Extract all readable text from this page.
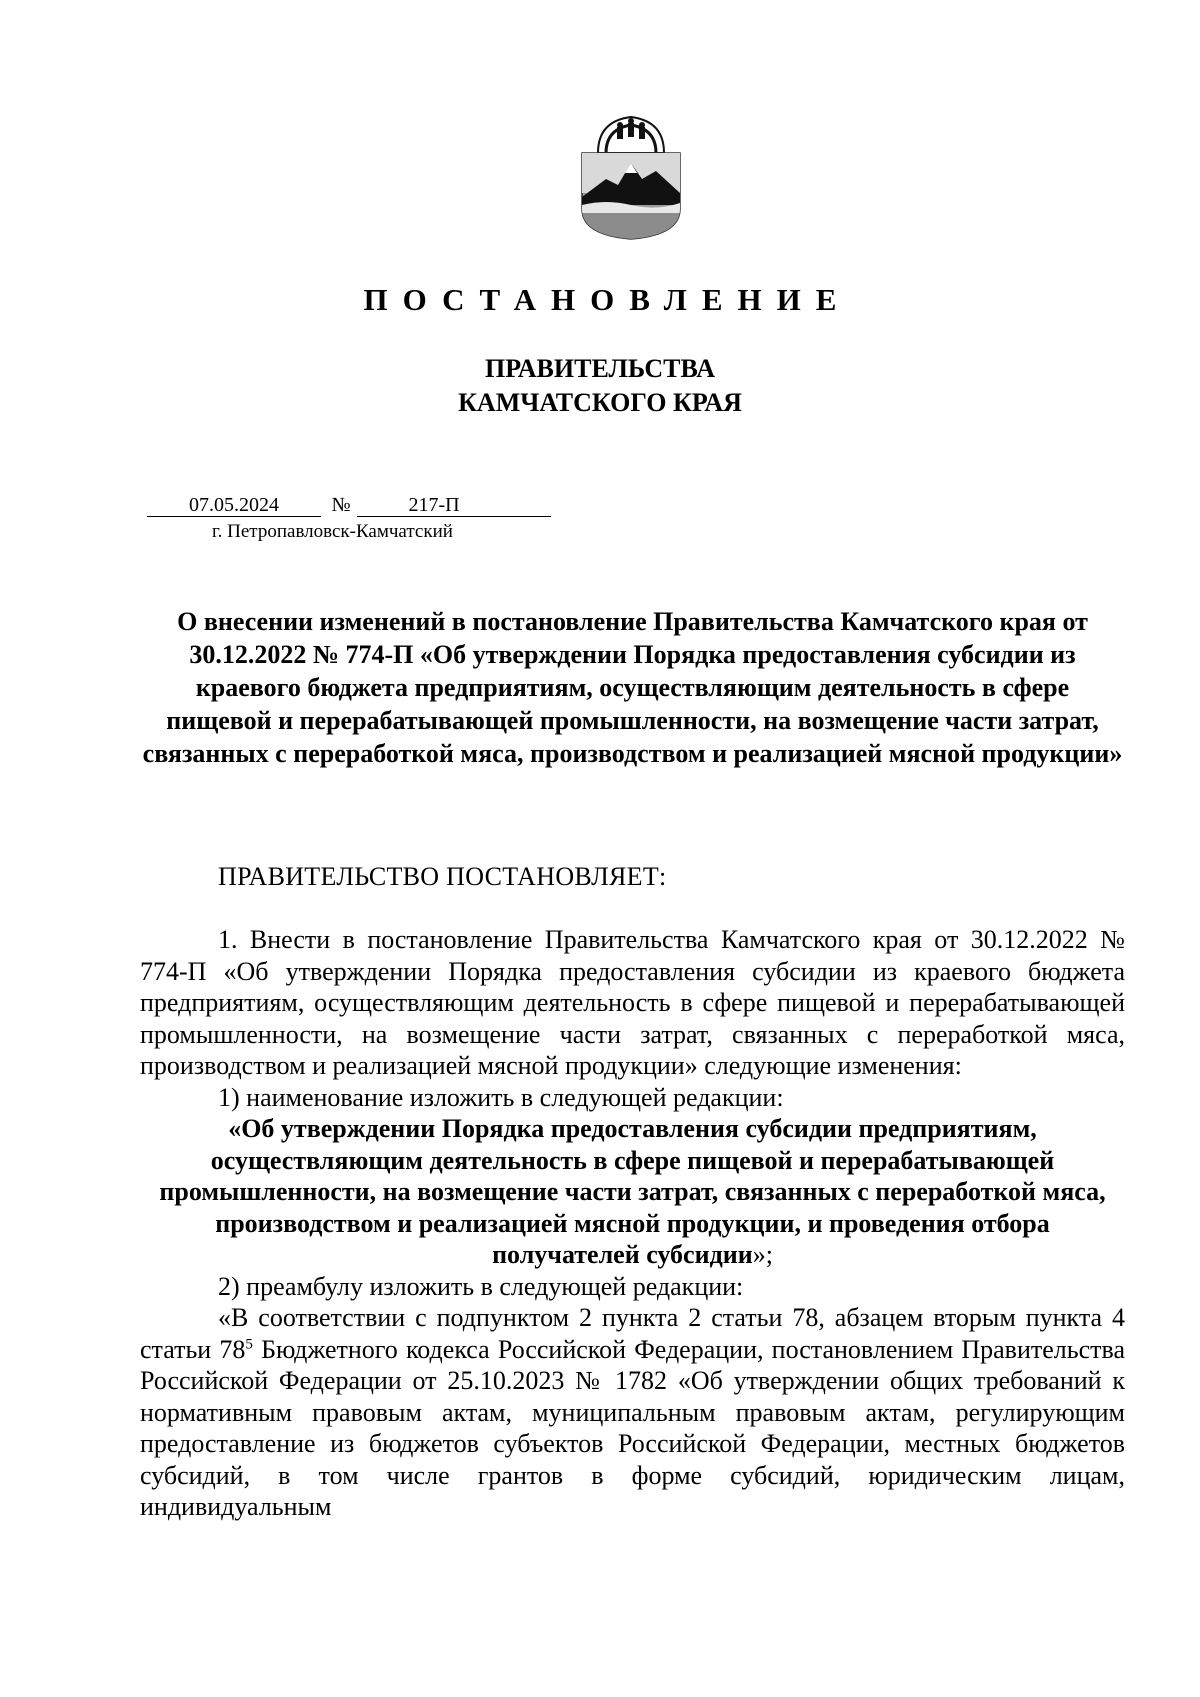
ПОСТАНОВЛЕНИЕ
ПРАВИТЕЛЬСТВА
КАМЧАТСКОГО КРАЯ
07.05.2024	№	217-П
г. Петропавловск-Камчатский
О внесении изменений в постановление Правительства Камчатского края от 30.12.2022 № 774-П «Об утверждении Порядка предоставления субсидии из краевого бюджета предприятиям, осуществляющим деятельность в сфере пищевой и перерабатывающей промышленности, на возмещение части затрат, связанных с переработкой мяса, производством и реализацией мясной продукции»
ПРАВИТЕЛЬСТВО ПОСТАНОВЛЯЕТ:

1. Внести в постановление Правительства Камчатского края от 30.12.2022 № 774-П «Об утверждении Порядка предоставления субсидии из краевого бюджета предприятиям, осуществляющим деятельность в сфере пищевой и перерабатывающей промышленности, на возмещение части затрат, связанных с переработкой мяса, производством и реализацией мясной продукции» следующие изменения:

1) наименование изложить в следующей редакции:

«Об утверждении Порядка предоставления субсидии предприятиям, осуществляющим деятельность в сфере пищевой и перерабатывающей промышленности, на возмещение части затрат, связанных с переработкой мяса, производством и реализацией мясной продукции, и проведения отбора получателей субсидии»;

2) преамбулу изложить в следующей редакции:

«В соответствии с подпунктом 2 пункта 2 статьи 78, абзацем вторым пункта 4 статьи $78^5$ Бюджетного кодекса Российской Федерации, постановлением Правительства Российской Федерации от 25.10.2023 № 1782 «Об утверждении общих требований к нормативным правовым актам, муниципальным правовым актам, регулирующим предоставление из бюджетов субъектов Российской Федерации, местных бюджетов субсидий, в том числе грантов в форме субсидий, юридическим лицам, индивидуальным
